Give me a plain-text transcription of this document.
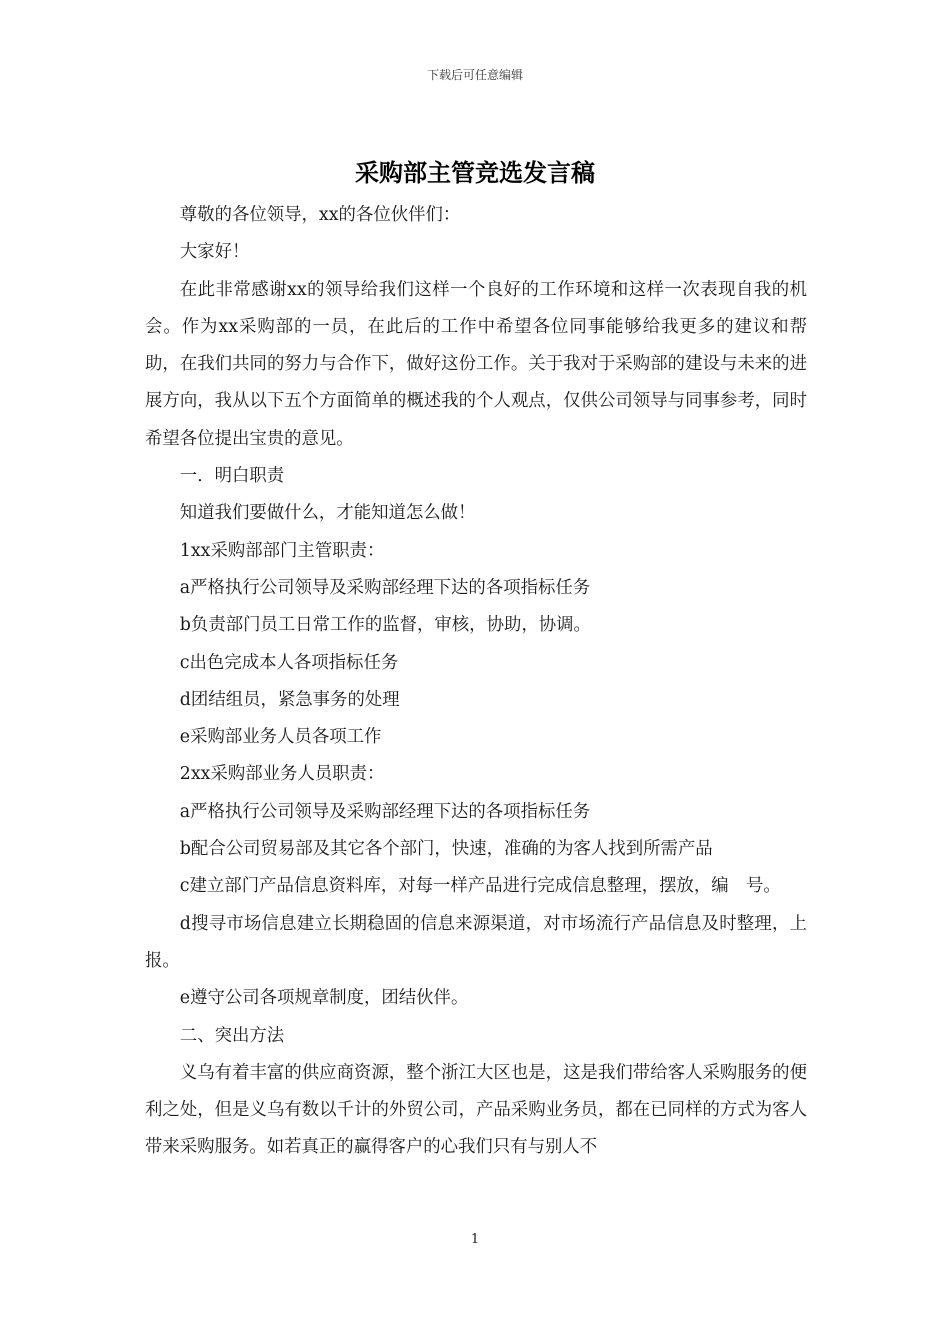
下载后可任意编辑
采购部主管竞选发言稿

尊敬的各位领导，xx的各位伙伴们：

大家好！

在此非常感谢xx的领导给我们这样一个良好的工作环境和这样一次表现自我的机会。作为xx采购部的一员，在此后的工作中希望各位同事能够给我更多的建议和帮助，在我们共同的努力与合作下，做好这份工作。关于我对于采购部的建设与未来的进展方向，我从以下五个方面简单的概述我的个人观点，仅供公司领导与同事参考，同时希望各位提出宝贵的意见。

一．明白职责

知道我们要做什么，才能知道怎么做！

1xx采购部部门主管职责：

a严格执行公司领导及采购部经理下达的各项指标任务

b负责部门员工日常工作的监督，审核，协助，协调。

c出色完成本人各项指标任务

d团结组员，紧急事务的处理

e采购部业务人员各项工作

2xx采购部业务人员职责：

a严格执行公司领导及采购部经理下达的各项指标任务

b配合公司贸易部及其它各个部门，快速，准确的为客人找到所需产品

c建立部门产品信息资料库，对每一样产品进行完成信息整理，摆放，编　号。

d搜寻市场信息建立长期稳固的信息来源渠道，对市场流行产品信息及时整理，上报。

e遵守公司各项规章制度，团结伙伴。

二、突出方法

义乌有着丰富的供应商资源，整个浙江大区也是，这是我们带给客人采购服务的便利之处，但是义乌有数以千计的外贸公司，产品采购业务员，都在已同样的方式为客人带来采购服务。如若真正的赢得客户的心我们只有与别人不

1
